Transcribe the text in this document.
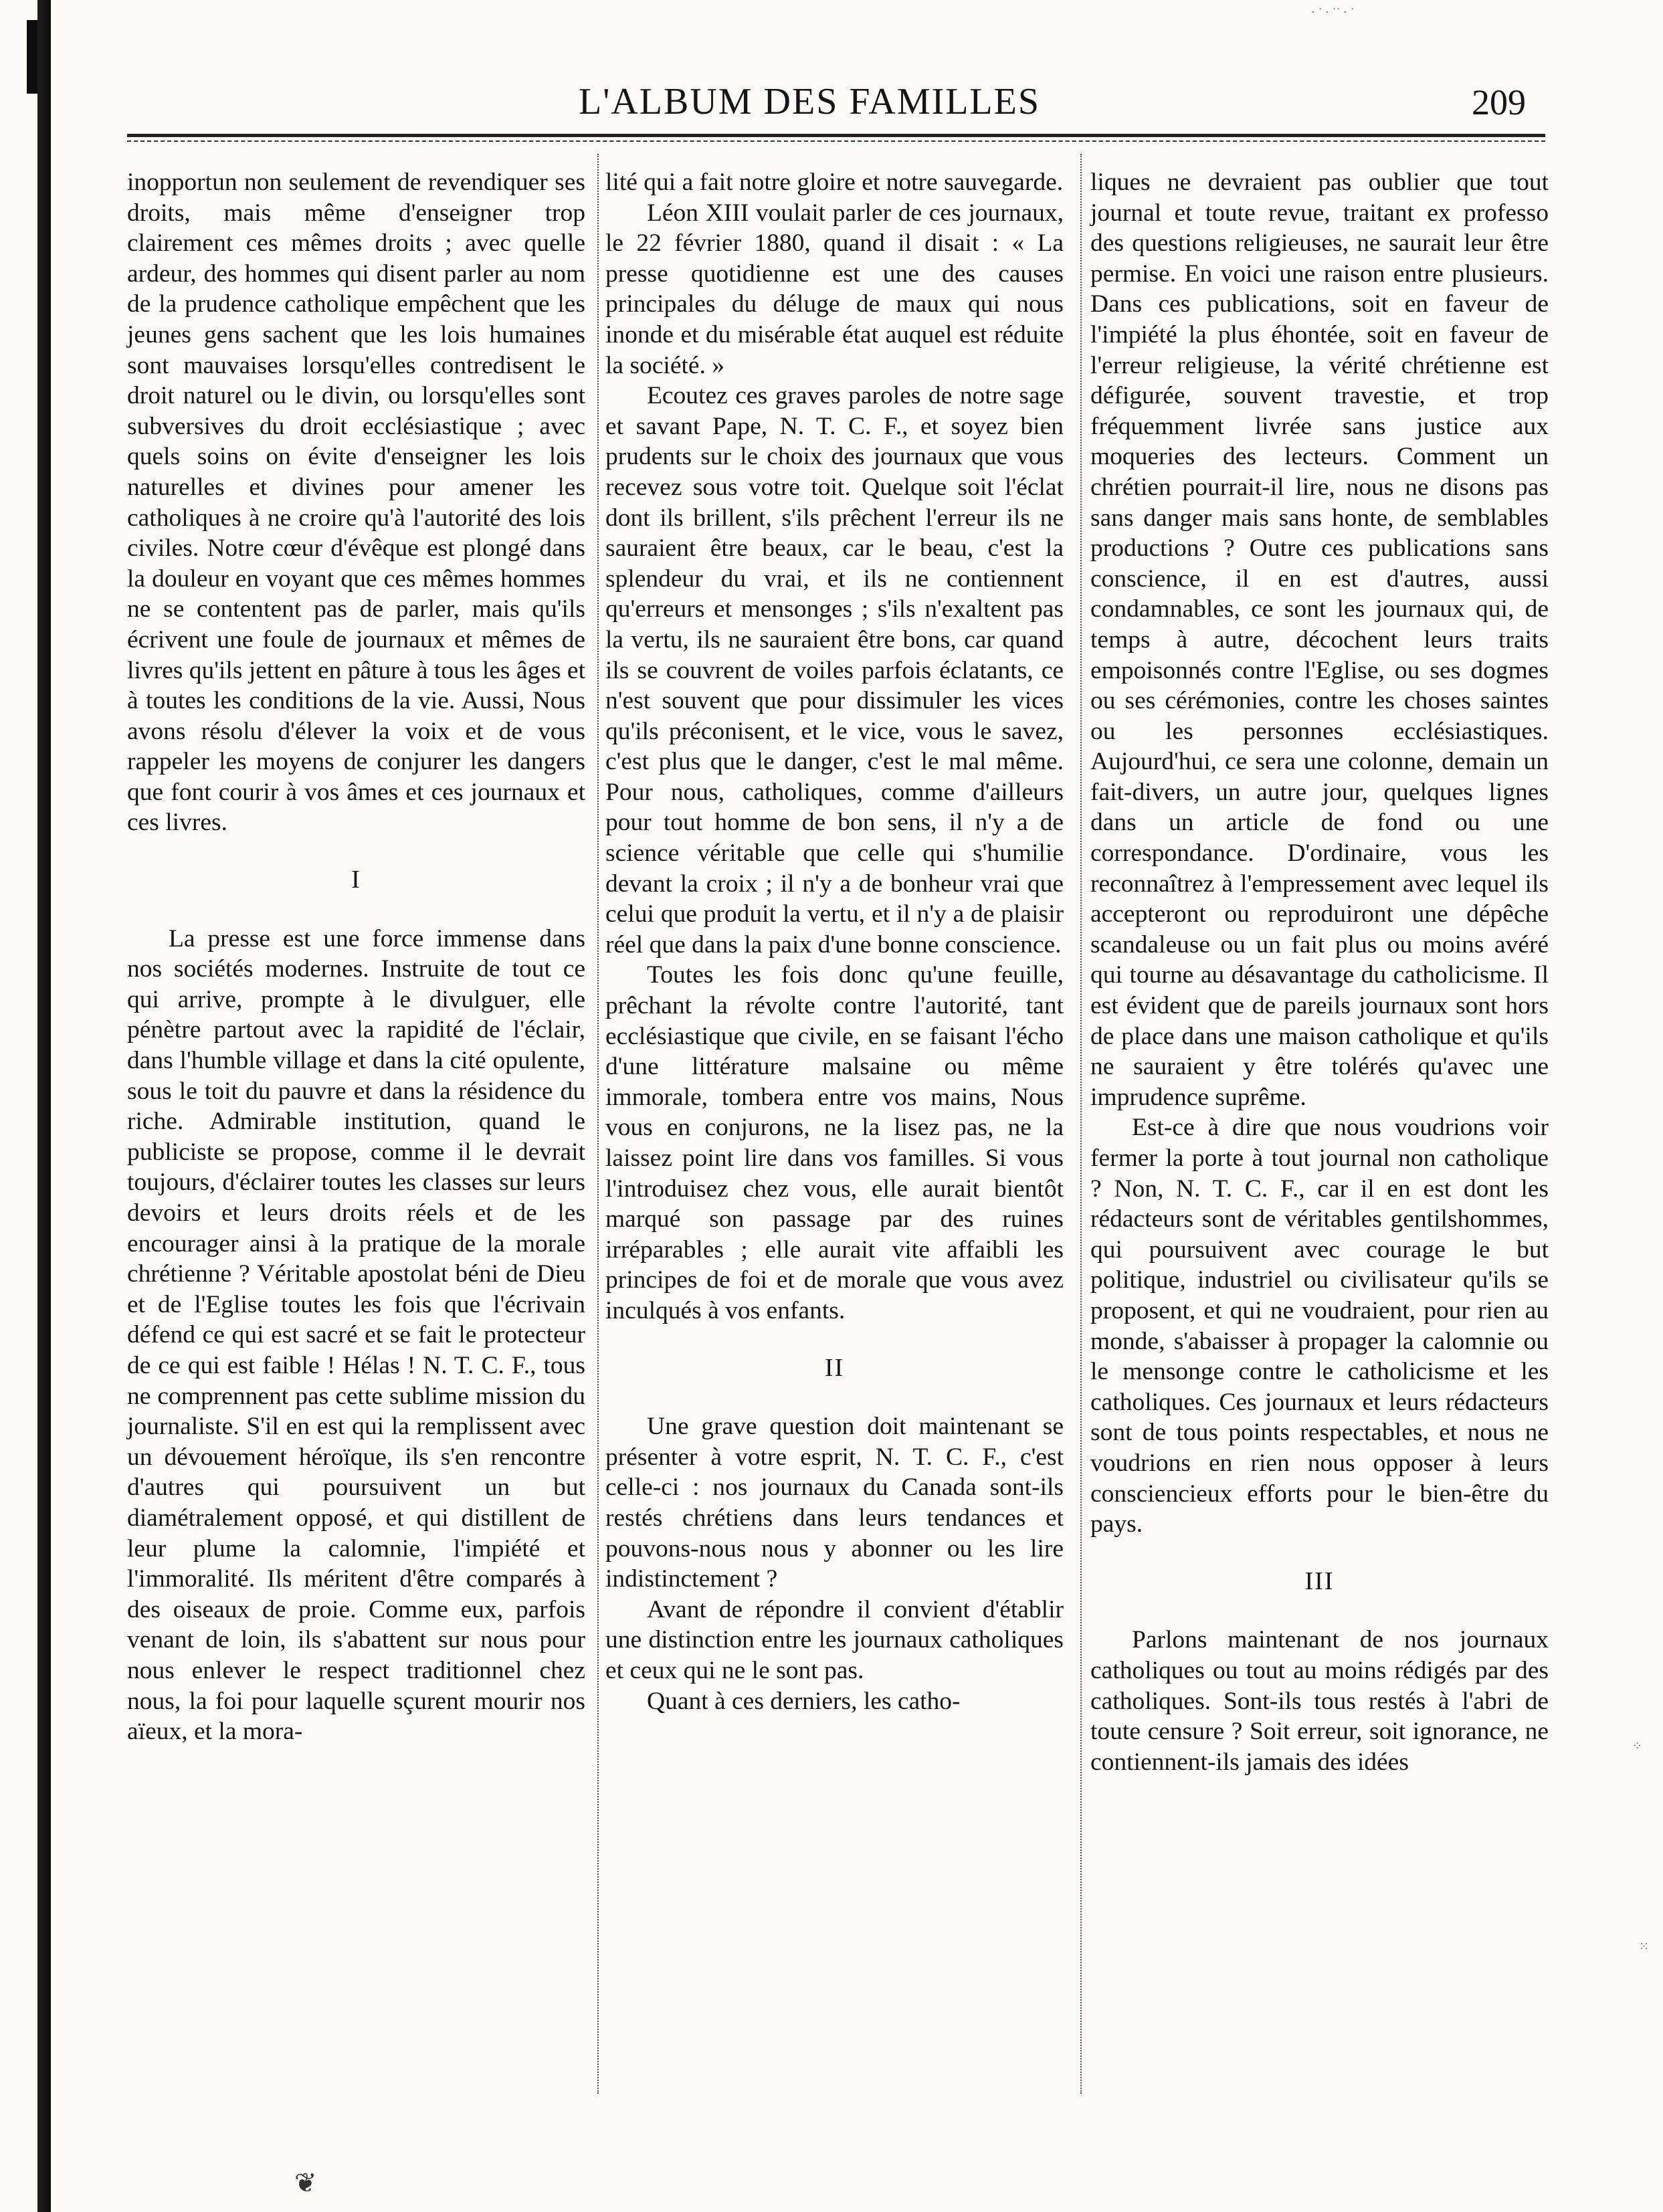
L'ALBUM DES FAMILLES	209

inopportun non seulement de revendiquer ses droits, mais même d'enseigner trop clairement ces mêmes droits ; avec quelle ardeur, des hommes qui disent parler au nom de la prudence catholique empêchent que les jeunes gens sachent que les lois humaines sont mauvaises lorsqu'elles contredisent le droit naturel ou le divin, ou lorsqu'elles sont subversives du droit ecclésiastique ; avec quels soins on évite d'enseigner les lois naturelles et divines pour amener les catholiques à ne croire qu'à l'autorité des lois civiles. Notre cœur d'évêque est plongé dans la douleur en voyant que ces mêmes hommes ne se contentent pas de parler, mais qu'ils écrivent une foule de journaux et mêmes de livres qu'ils jettent en pâture à tous les âges et à toutes les conditions de la vie. Aussi, Nous avons résolu d'élever la voix et de vous rappeler les moyens de conjurer les dangers que font courir à vos âmes et ces journaux et ces livres.

I

La presse est une force immense dans nos sociétés modernes. Instruite de tout ce qui arrive, prompte à le divulguer, elle pénètre partout avec la rapidité de l'éclair, dans l'humble village et dans la cité opulente, sous le toit du pauvre et dans la résidence du riche. Admirable institution, quand le publiciste se propose, comme il le devrait toujours, d'éclairer toutes les classes sur leurs devoirs et leurs droits réels et de les encourager ainsi à la pratique de la morale chrétienne ? Véritable apostolat béni de Dieu et de l'Eglise toutes les fois que l'écrivain défend ce qui est sacré et se fait le protecteur de ce qui est faible ! Hélas ! N. T. C. F., tous ne comprennent pas cette sublime mission du journaliste. S'il en est qui la remplissent avec un dévouement héroïque, ils s'en rencontre d'autres qui poursuivent un but diamétralement opposé, et qui distillent de leur plume la calomnie, l'impiété et l'immoralité. Ils méritent d'être comparés à des oiseaux de proie. Comme eux, parfois venant de loin, ils s'abattent sur nous pour nous enlever le respect traditionnel chez nous, la foi pour laquelle sçurent mourir nos aïeux, et la mora-

lité qui a fait notre gloire et notre sauvegarde.

Léon XIII voulait parler de ces journaux, le 22 février 1880, quand il disait : « La presse quotidienne est une des causes principales du déluge de maux qui nous inonde et du misérable état auquel est réduite la société. »

Ecoutez ces graves paroles de notre sage et savant Pape, N. T. C. F., et soyez bien prudents sur le choix des journaux que vous recevez sous votre toit. Quelque soit l'éclat dont ils brillent, s'ils prêchent l'erreur ils ne sauraient être beaux, car le beau, c'est la splendeur du vrai, et ils ne contiennent qu'erreurs et mensonges ; s'ils n'exaltent pas la vertu, ils ne sauraient être bons, car quand ils se couvrent de voiles parfois éclatants, ce n'est souvent que pour dissimuler les vices qu'ils préconisent, et le vice, vous le savez, c'est plus que le danger, c'est le mal même. Pour nous, catholiques, comme d'ailleurs pour tout homme de bon sens, il n'y a de science véritable que celle qui s'humilie devant la croix ; il n'y a de bonheur vrai que celui que produit la vertu, et il n'y a de plaisir réel que dans la paix d'une bonne conscience.

Toutes les fois donc qu'une feuille, prêchant la révolte contre l'autorité, tant ecclésiastique que civile, en se faisant l'écho d'une littérature malsaine ou même immorale, tombera entre vos mains, Nous vous en conjurons, ne la lisez pas, ne la laissez point lire dans vos familles. Si vous l'introduisez chez vous, elle aurait bientôt marqué son passage par des ruines irréparables ; elle aurait vite affaibli les principes de foi et de morale que vous avez inculqués à vos enfants.

II

Une grave question doit maintenant se présenter à votre esprit, N. T. C. F., c'est celle-ci : nos journaux du Canada sont-ils restés chrétiens dans leurs tendances et pouvons-nous nous y abonner ou les lire indistinctement ?

Avant de répondre il convient d'établir une distinction entre les journaux catholiques et ceux qui ne le sont pas.

Quant à ces derniers, les catho-

liques ne devraient pas oublier que tout journal et toute revue, traitant ex professo des questions religieuses, ne saurait leur être permise. En voici une raison entre plusieurs. Dans ces publications, soit en faveur de l'impiété la plus éhontée, soit en faveur de l'erreur religieuse, la vérité chrétienne est défigurée, souvent travestie, et trop fréquemment livrée sans justice aux moqueries des lecteurs. Comment un chrétien pourrait-il lire, nous ne disons pas sans danger mais sans honte, de semblables productions ? Outre ces publications sans conscience, il en est d'autres, aussi condamnables, ce sont les journaux qui, de temps à autre, décochent leurs traits empoisonnés contre l'Eglise, ou ses dogmes ou ses cérémonies, contre les choses saintes ou les personnes ecclésiastiques. Aujourd'hui, ce sera une colonne, demain un fait-divers, un autre jour, quelques lignes dans un article de fond ou une correspondance. D'ordinaire, vous les reconnaîtrez à l'empressement avec lequel ils accepteront ou reproduiront une dépêche scandaleuse ou un fait plus ou moins avéré qui tourne au désavantage du catholicisme. Il est évident que de pareils journaux sont hors de place dans une maison catholique et qu'ils ne sauraient y être tolérés qu'avec une imprudence suprême.

Est-ce à dire que nous voudrions voir fermer la porte à tout journal non catholique ? Non, N. T. C. F., car il en est dont les rédacteurs sont de véritables gentilshommes, qui poursuivent avec courage le but politique, industriel ou civilisateur qu'ils se proposent, et qui ne voudraient, pour rien au monde, s'abaisser à propager la calomnie ou le mensonge contre le catholicisme et les catholiques. Ces journaux et leurs rédacteurs sont de tous points respectables, et nous ne voudrions en rien nous opposer à leurs consciencieux efforts pour le bien-être du pays.

III

Parlons maintenant de nos journaux catholiques ou tout au moins rédigés par des catholiques. Sont-ils tous restés à l'abri de toute censure ? Soit erreur, soit ignorance, ne contiennent-ils jamais des idées

❦
· ˙ · ˙˙ · ˙
⁘
⁙
